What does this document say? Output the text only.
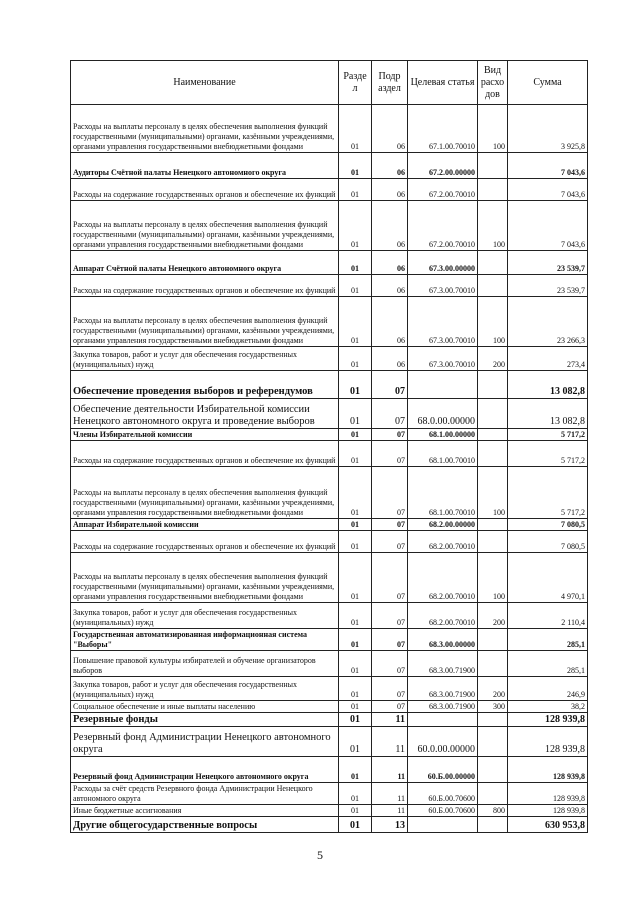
Наименование	Разде л	Подр аздел	Целевая статья	Вид расхо дов	Сумма
Расходы на выплаты персоналу в целях обеспечения выполнения функций государственными (муниципальными) органами, казёнными учреждениями, органами управления государственными внебюджетными фондами	01	06	67.1.00.70010	100	3 925,8
Аудиторы Счётной палаты Ненецкого автономного округа	01	06	67.2.00.00000		7 043,6
Расходы на содержание государственных органов и обеспечение их функций	01	06	67.2.00.70010		7 043,6
Расходы на выплаты персоналу в целях обеспечения выполнения функций государственными (муниципальными) органами, казёнными учреждениями, органами управления государственными внебюджетными фондами	01	06	67.2.00.70010	100	7 043,6
Аппарат Счётной палаты Ненецкого автономного округа	01	06	67.3.00.00000		23 539,7
Расходы на содержание государственных органов и обеспечение их функций	01	06	67.3.00.70010		23 539,7
Расходы на выплаты персоналу в целях обеспечения выполнения функций государственными (муниципальными) органами, казёнными учреждениями, органами управления государственными внебюджетными фондами	01	06	67.3.00.70010	100	23 266,3
Закупка товаров, работ и услуг для обеспечения государственных (муниципальных) нужд	01	06	67.3.00.70010	200	273,4
Обеспечение проведения выборов и референдумов	01	07			13 082,8
Обеспечение деятельности Избирательной комиссии Ненецкого автономного округа и проведение выборов	01	07	68.0.00.00000		13 082,8
Члены Избирательной комиссии	01	07	68.1.00.00000		5 717,2
Расходы на содержание государственных органов и обеспечение их функций	01	07	68.1.00.70010		5 717,2
Расходы на выплаты персоналу в целях обеспечения выполнения функций государственными (муниципальными) органами, казёнными учреждениями, органами управления государственными внебюджетными фондами	01	07	68.1.00.70010	100	5 717,2
Аппарат Избирательной комиссии	01	07	68.2.00.00000		7 080,5
Расходы на содержание государственных органов и обеспечение их функций	01	07	68.2.00.70010		7 080,5
Расходы на выплаты персоналу в целях обеспечения выполнения функций государственными (муниципальными) органами, казёнными учреждениями, органами управления государственными внебюджетными фондами	01	07	68.2.00.70010	100	4 970,1
Закупка товаров, работ и услуг для обеспечения государственных (муниципальных) нужд	01	07	68.2.00.70010	200	2 110,4
Государственная автоматизированная информационная система "Выборы"	01	07	68.3.00.00000		285,1
Повышение правовой культуры избирателей и обучение организаторов выборов	01	07	68.3.00.71900		285,1
Закупка товаров, работ и услуг для обеспечения государственных (муниципальных) нужд	01	07	68.3.00.71900	200	246,9
Социальное обеспечение и иные выплаты населению	01	07	68.3.00.71900	300	38,2
Резервные фонды	01	11			128 939,8
Резервный фонд Администрации Ненецкого автономного округа	01	11	60.0.00.00000		128 939,8
Резервный фонд Администрации Ненецкого автономного округа	01	11	60.Б.00.00000		128 939,8
Расходы за счёт средств Резервного фонда Администрации Ненецкого автономного округа	01	11	60.Б.00.70600		128 939,8
Иные бюджетные ассигнования	01	11	60.Б.00.70600	800	128 939,8
Другие общегосударственные вопросы	01	13			630 953,8
5
